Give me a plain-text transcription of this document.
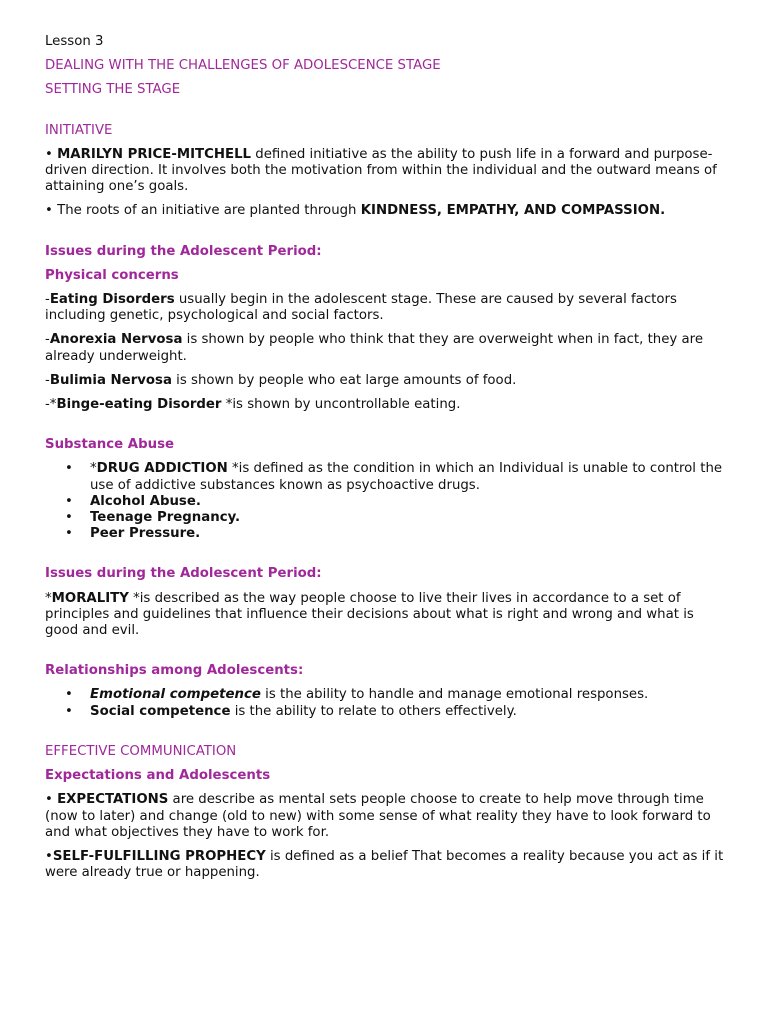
Lesson 3

DEALING WITH THE CHALLENGES OF ADOLESCENCE STAGE

SETTING THE STAGE

INITIATIVE

• MARILYN PRICE-MITCHELL defined initiative as the ability to push life in a forward and purpose-driven direction. It involves both the motivation from within the individual and the outward means of attaining one’s goals.

• The roots of an initiative are planted through KINDNESS, EMPATHY, AND COMPASSION.

Issues during the Adolescent Period:

Physical concerns

-Eating Disorders usually begin in the adolescent stage. These are caused by several factors including genetic, psychological and social factors.

-Anorexia Nervosa is shown by people who think that they are overweight when in fact, they are already underweight.

-Bulimia Nervosa is shown by people who eat large amounts of food.

-*Binge-eating Disorder *is shown by uncontrollable eating.

Substance Abuse

• *DRUG ADDICTION *is defined as the condition in which an Individual is unable to control the use of addictive substances known as psychoactive drugs.
• Alcohol Abuse.
• Teenage Pregnancy.
• Peer Pressure.

Issues during the Adolescent Period:

*MORALITY *is described as the way people choose to live their lives in accordance to a set of principles and guidelines that influence their decisions about what is right and wrong and what is good and evil.

Relationships among Adolescents:

• Emotional competence is the ability to handle and manage emotional responses.
• Social competence is the ability to relate to others effectively.

EFFECTIVE COMMUNICATION

Expectations and Adolescents

• EXPECTATIONS are describe as mental sets people choose to create to help move through time (now to later) and change (old to new) with some sense of what reality they have to look forward to and what objectives they have to work for.

•SELF-FULFILLING PROPHECY is defined as a belief That becomes a reality because you act as if it were already true or happening.
